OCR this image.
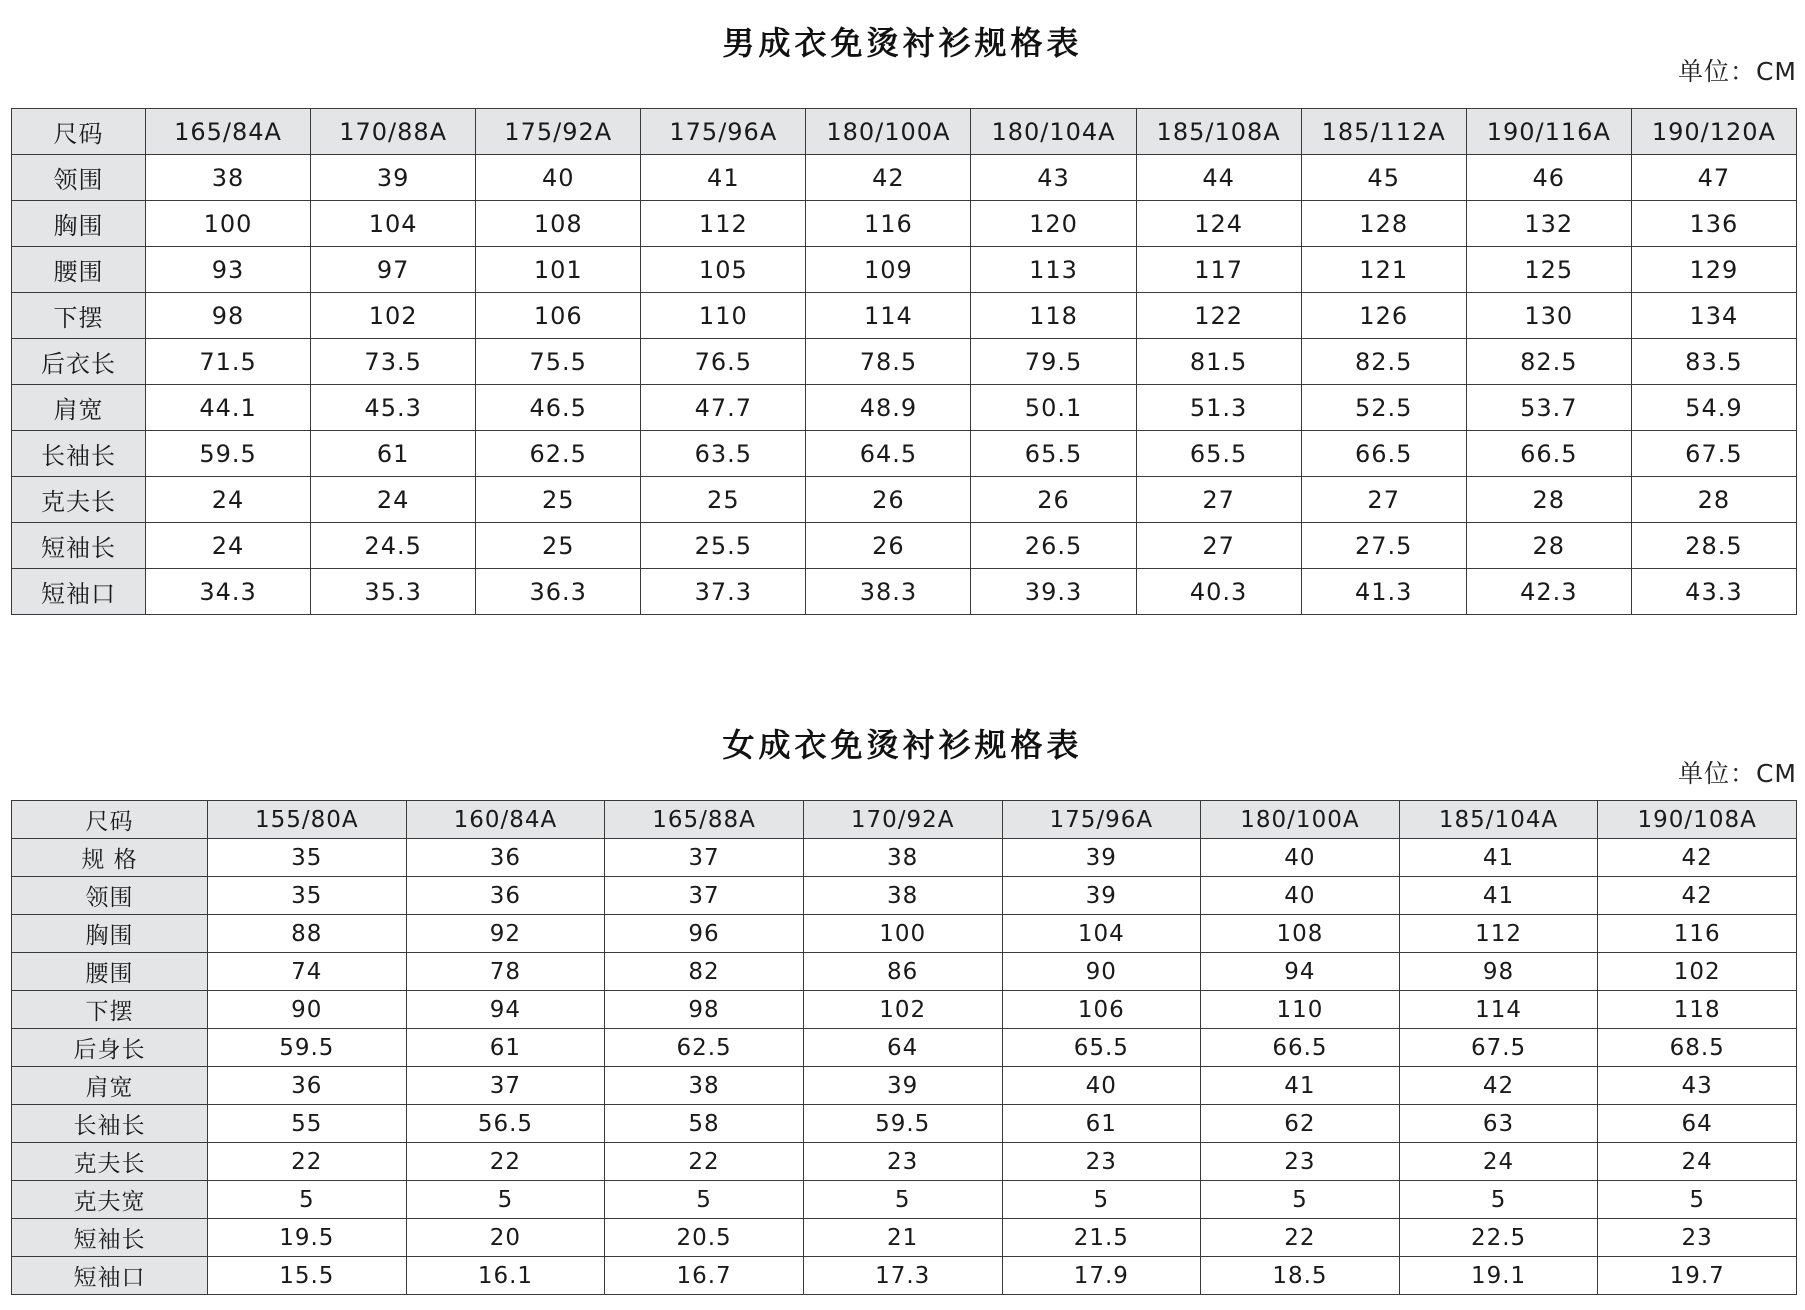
男成衣免烫衬衫规格表
单位：CM
尺码	165/84A	170/88A	175/92A	175/96A	180/100A	180/104A	185/108A	185/112A	190/116A	190/120A
领围	38	39	40	41	42	43	44	45	46	47
胸围	100	104	108	112	116	120	124	128	132	136
腰围	93	97	101	105	109	113	117	121	125	129
下摆	98	102	106	110	114	118	122	126	130	134
后衣长	71.5	73.5	75.5	76.5	78.5	79.5	81.5	82.5	82.5	83.5
肩宽	44.1	45.3	46.5	47.7	48.9	50.1	51.3	52.5	53.7	54.9
长袖长	59.5	61	62.5	63.5	64.5	65.5	65.5	66.5	66.5	67.5
克夫长	24	24	25	25	26	26	27	27	28	28
短袖长	24	24.5	25	25.5	26	26.5	27	27.5	28	28.5
短袖口	34.3	35.3	36.3	37.3	38.3	39.3	40.3	41.3	42.3	43.3
女成衣免烫衬衫规格表
单位：CM
尺码	155/80A	160/84A	165/88A	170/92A	175/96A	180/100A	185/104A	190/108A
规 格	35	36	37	38	39	40	41	42
领围	35	36	37	38	39	40	41	42
胸围	88	92	96	100	104	108	112	116
腰围	74	78	82	86	90	94	98	102
下摆	90	94	98	102	106	110	114	118
后身长	59.5	61	62.5	64	65.5	66.5	67.5	68.5
肩宽	36	37	38	39	40	41	42	43
长袖长	55	56.5	58	59.5	61	62	63	64
克夫长	22	22	22	23	23	23	24	24
克夫宽	5	5	5	5	5	5	5	5
短袖长	19.5	20	20.5	21	21.5	22	22.5	23
短袖口	15.5	16.1	16.7	17.3	17.9	18.5	19.1	19.7
